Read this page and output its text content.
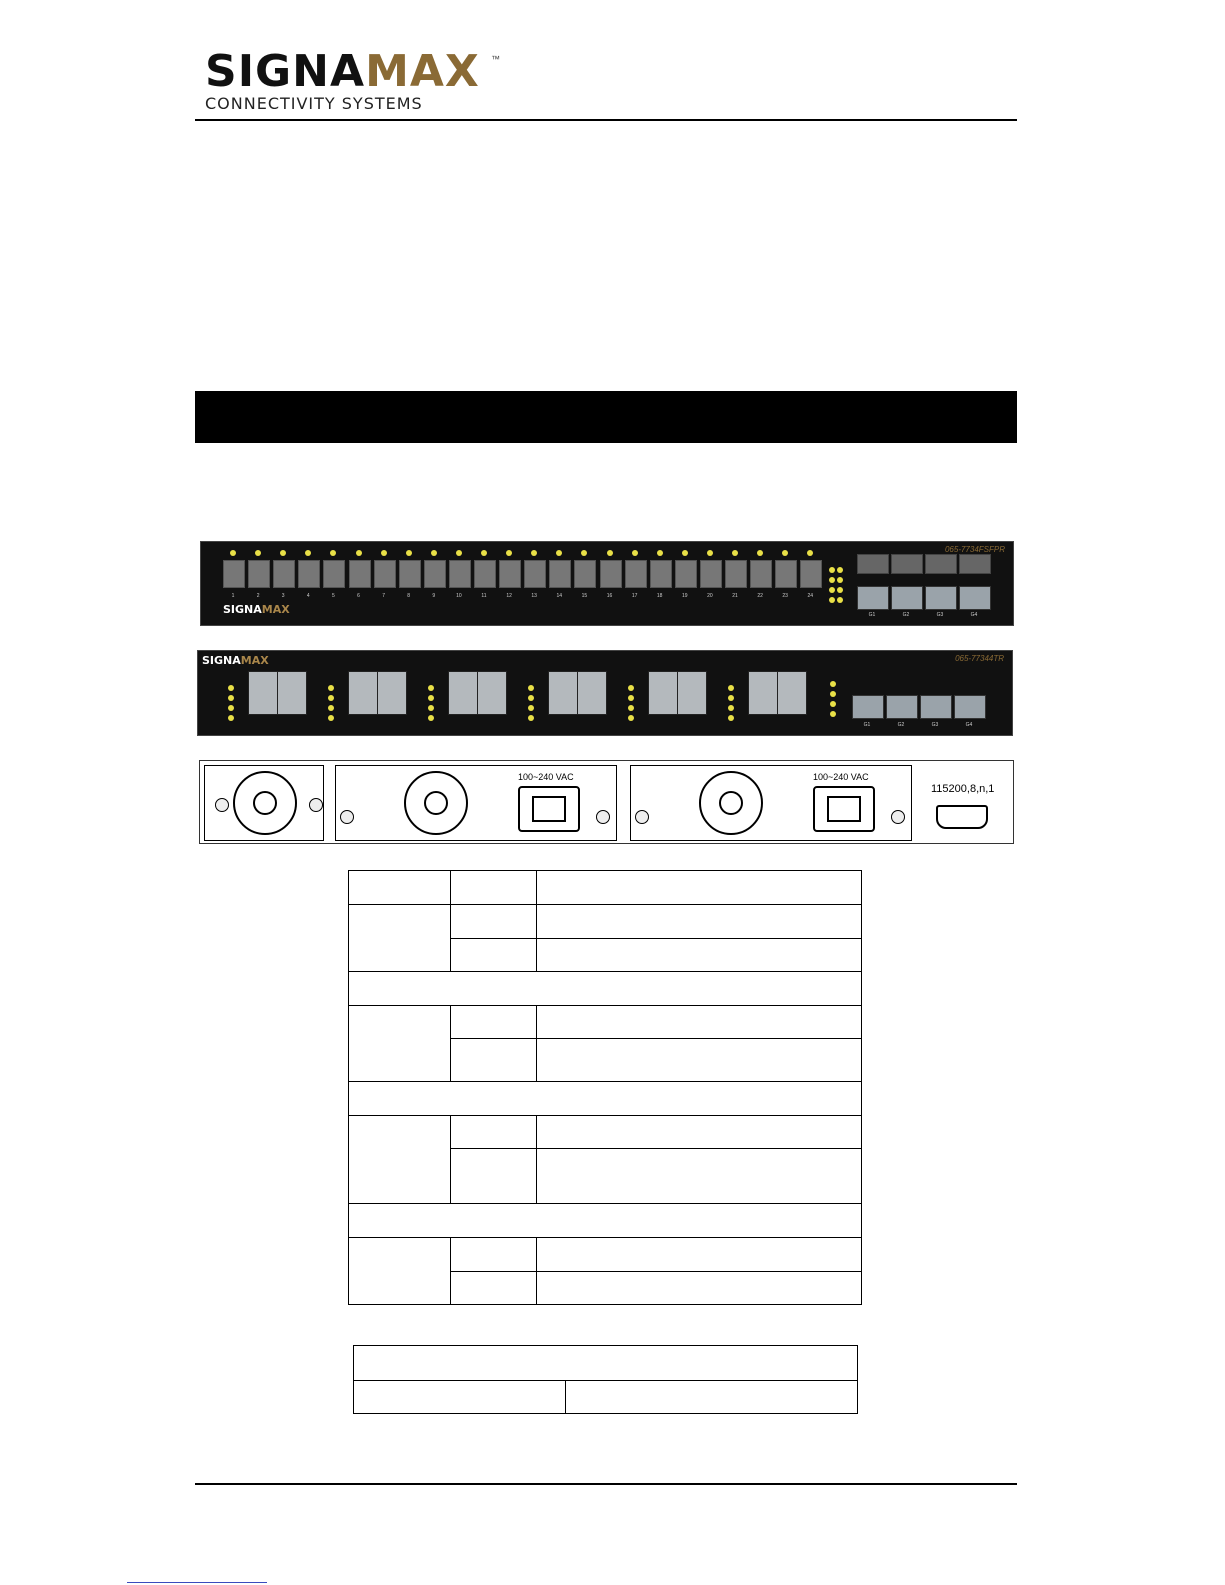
SIGNAMAX
CONNECTIVITY SYSTEMS
™
065-7734FSFPR
SIGNAMAX
1	2	3	4	5	6	7	8	9	10	11	12	13	14	15	16	17	18	19	20	21	22	23	24
G1	G2	G3	G4
SIGNAMAX	065-77344TR
G1	G2	G3	G4
100~240 VAC	100~240 VAC
115200,8,n,1
